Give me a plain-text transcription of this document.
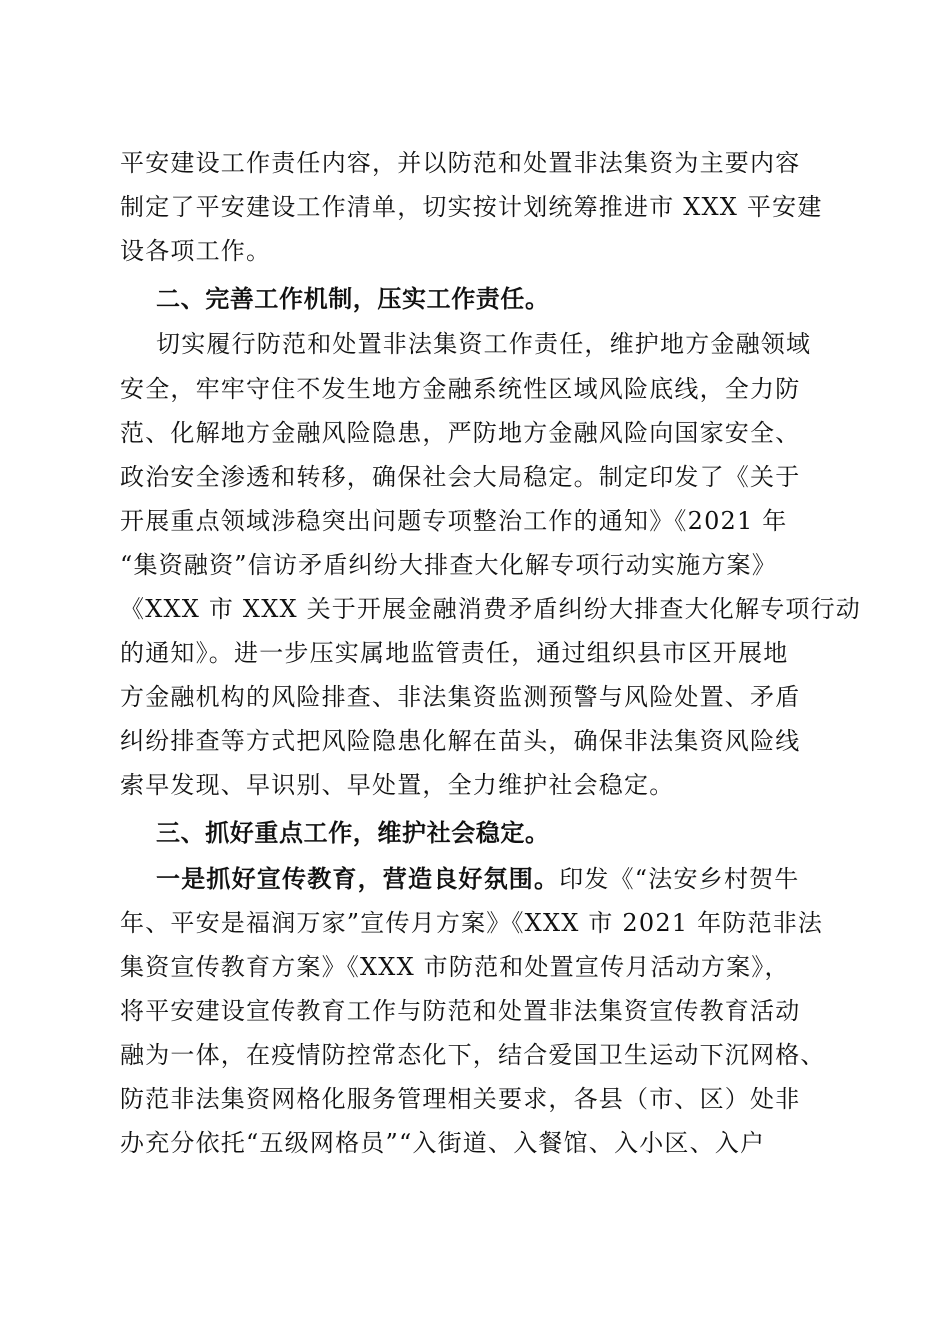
平安建设工作责任内容，并以防范和处置非法集资为主要内容
制定了平安建设工作清单，切实按计划统筹推进市 XXX 平安建
设各项工作。
二、完善工作机制，压实工作责任。
切实履行防范和处置非法集资工作责任，维护地方金融领域
安全，牢牢守住不发生地方金融系统性区域风险底线，全力防
范、化解地方金融风险隐患，严防地方金融风险向国家安全、
政治安全渗透和转移，确保社会大局稳定。制定印发了《关于
开展重点领域涉稳突出问题专项整治工作的通知》《2021 年
“集资融资”信访矛盾纠纷大排查大化解专项行动实施方案》
《XXX 市 XXX 关于开展金融消费矛盾纠纷大排查大化解专项行动
的通知》。进一步压实属地监管责任，通过组织县市区开展地
方金融机构的风险排查、非法集资监测预警与风险处置、矛盾
纠纷排查等方式把风险隐患化解在苗头，确保非法集资风险线
索早发现、早识别、早处置，全力维护社会稳定。
三、抓好重点工作，维护社会稳定。
一是抓好宣传教育，营造良好氛围。印发《“法安乡村贺牛
年、平安是福润万家”宣传月方案》《XXX 市 2021 年防范非法
集资宣传教育方案》《XXX 市防范和处置宣传月活动方案》，
将平安建设宣传教育工作与防范和处置非法集资宣传教育活动
融为一体，在疫情防控常态化下，结合爱国卫生运动下沉网格、
防范非法集资网格化服务管理相关要求，各县（市、区）处非
办充分依托“五级网格员”“入街道、入餐馆、入小区、入户
